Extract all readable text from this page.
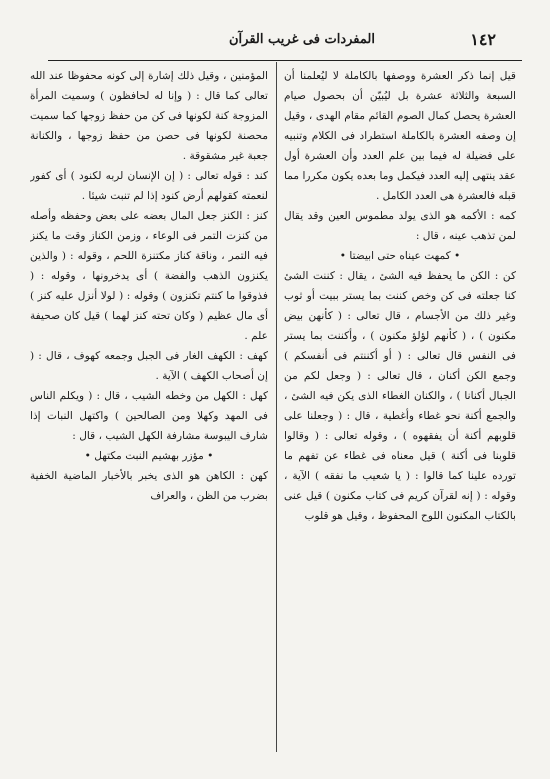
١٤٢
المفردات فى غريب القرآن

قيل إنما ذكر العشرة ووصفها بالكاملة لا ليُعلمنا أن السبعة والثلاثة عشرة بل ليُبيّن أن بحصول صيام العشرة يحصل كمال الصوم القائم مقام الهدى ، وقيل إن وصفه العشرة بالكاملة استطراد فى الكلام وتنبيه على فضيلة له فيما بين علم العدد وأن العشرة أول عقد ينتهى إليه العدد فيكمل وما بعده يكون مكررا مما قبله فالعشرة هى العدد الكامل .

كمه : الأكمه هو الذى يولد مطموس العين وقد يقال لمن تذهب عينه ، قال :

• كمهت عيناه حتى ابيضتا •

كن : الكن ما يحفظ فيه الشئ ، يقال : كننت الشئ كنا جعلته فى كن وخص كننت بما يستر ببيت أو ثوب وغير ذلك من الأجسام ، قال تعالى : ( كأنهن بيض مكنون ) ، ( كأنهم لؤلؤ مكنون ) ، وأكننت بما يستر فى النفس قال تعالى : ( أو أكننتم فى أنفسكم ) وجمع الكن أكنان ، قال تعالى : ( وجعل لكم من الجبال أكنانا ) ، والكنان الغطاء الذى يكن فيه الشئ ، والجمع أكنة نحو غطاء وأغطية ، قال : ( وجعلنا على قلوبهم أكنة أن يفقهوه ) ، وقوله تعالى : ( وقالوا قلوبنا فى أكنة ) قيل معناه فى غطاء عن تفهم ما تورده علينا كما قالوا : ( يا شعيب ما نفقه ) الآية ، وقوله : ( إنه لقرآن كريم فى كتاب مكنون ) قيل عنى بالكتاب المكنون اللوح المحفوظ ، وقيل هو قلوب

المؤمنين ، وقيل ذلك إشارة إلى كونه محفوظا عند الله تعالى كما قال : ( وإنا له لحافظون ) وسميت المرأة المزوجة كنة لكونها فى كن من حفظ زوجها كما سميت محصنة لكونها فى حصن من حفظ زوجها ، والكنانة جعبة غير مشقوقة .

كند : قوله تعالى : ( إن الإنسان لربه لكنود ) أى كفور لنعمته كقولهم أرض كنود إذا لم تنبت شيئا .

كنز : الكنز جعل المال بعضه على بعض وحفظه وأصله من كنزت التمر فى الوعاء ، وزمن الكناز وقت ما يكنز فيه التمر ، وناقة كناز مكتنزة اللحم ، وقوله : ( والذين يكنزون الذهب والفضة ) أى يدخرونها ، وقوله : ( فذوقوا ما كنتم تكنزون ) وقوله : ( لولا أنزل عليه كنز ) أى مال عظيم ( وكان تحته كنز لهما ) قيل كان صحيفة علم .

كهف : الكهف الغار فى الجبل وجمعه كهوف ، قال : ( إن أصحاب الكهف ) الآية .

كهل : الكهل من وخطه الشيب ، قال : ( ويكلم الناس فى المهد وكهلا ومن الصالحين ) واكتهل النبات إذا شارف اليبوسة مشارفة الكهل الشيب ، قال :

• مؤزر بهشيم النبت مكتهل •

كهن : الكاهن هو الذى يخبر بالأخبار الماضية الخفية بضرب من الظن ، والعراف
